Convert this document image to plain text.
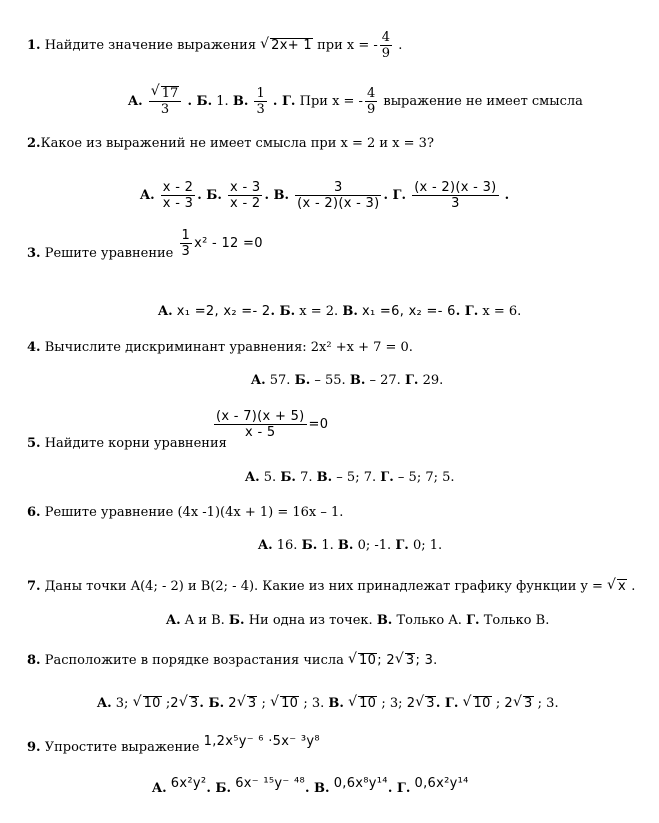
1. Найдите значение выражения √ 2x+ 1 при x = - $\frac{4}{9}$ .
A. √ $\frac{17}{3}$ . Б. 1. B. $\frac{1}{3}$ . Г. При x = - $\frac{4}{9}$ выражение не имеет смысла
2.Какое из выражений не имеет смысла при x = 2 и x = 3?
A. $\frac{x - 2}{x - 3}$ . Б. $\frac{x - 3}{x - 2}$ . B. $\frac{3}{(x - 2)(x - 3)}$ . Г. $\frac{(x - 2)(x - 3)}{3}$ .
3. Решите уравнение $\frac{1}{3} x^2 - 12 =0$
A. x₁ =2, x₂ =- 2. Б. x = 2. B. x₁ =6, x₂ =- 6. Г. x = 6.
4. Вычислите дискриминант уравнения: 2x² +x + 7 = 0.
A. 57. Б. – 55. B. – 27. Г. 29.
5. Найдите корни уравнения
$\frac{(x - 7)(x + 5)}{x - 5} =0$
A. 5. Б. 7. B. – 5; 7. Г. – 5; 7; 5.
6. Решите уравнение (4x -1)(4x + 1) = 16x – 1.
A. 16. Б. 1. B. 0; -1. Г. 0; 1.
7. Даны точки A(4; - 2) и B(2; - 4). Какие из них принадлежат графику функции y = √ x .
A. A и B. Б. Ни одна из точек. B. Только A. Г. Только B.
8. Расположите в порядке возрастания числа √ 10; 2 √ 3; 3.
A. 3; √ 10 ;2 √ 3. Б. 2 √ 3 ; √ 10 ; 3. B. √ 10 ; 3; 2 √ 3. Г. √ 10 ; 2 √ 3 ; 3.
9. Упростите выражение 1,2x⁵y⁻ ⁶ ·5x⁻ ³y⁸
A. 6x²y². Б. 6x⁻ ¹⁵y⁻ ⁴⁸. B. 0,6x⁸y¹⁴. Г. 0,6x²y¹⁴
